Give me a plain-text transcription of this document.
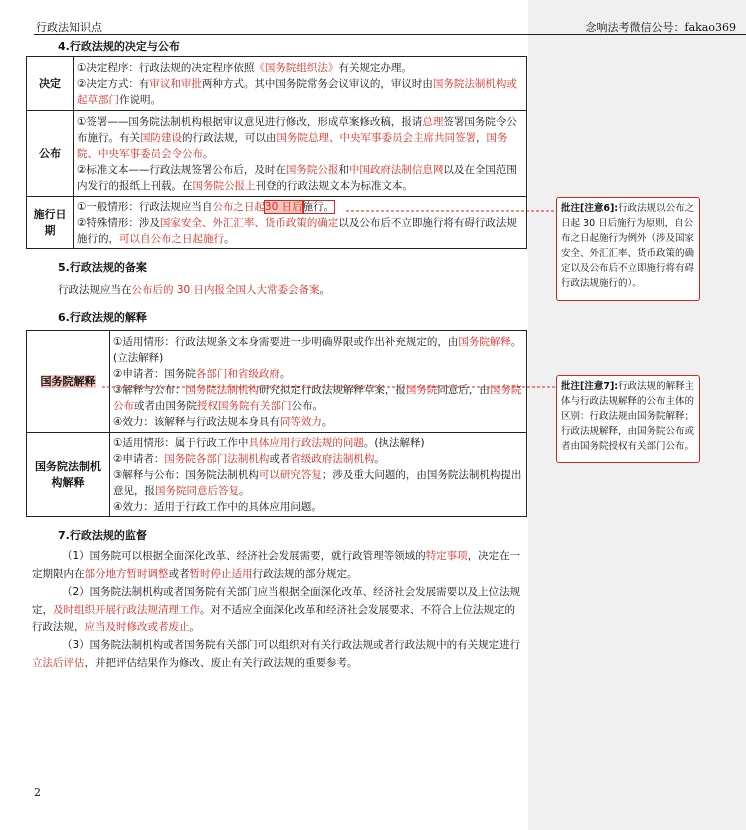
行政法知识点	念响法考微信公号：fakao369
4.行政法规的决定与公布
决定	①决定程序：行政法规的决定程序依照《国务院组织法》有关规定办理。
②决定方式：有审议和审批两种方式。其中国务院常务会议审议的，审议时由国务院法制机构或起草部门作说明。

公布	①签署——国务院法制机构根据审议意见进行修改，形成草案修改稿，报请总理签署国务院令公布施行。有关国防建设的行政法规，可以由国务院总理、中央军事委员会主席共同签署，国务院、中央军事委员会令公布。
②标准文本——行政法规签署公布后，及时在国务院公报和中国政府法制信息网以及在全国范围内发行的报纸上刊载。在国务院公报上刊登的行政法规文本为标准文本。

施行日期	①一般情形：行政法规应当自公布之日起30 日后施行。
②特殊情形：涉及国家安全、外汇汇率、货币政策的确定以及公布后不立即施行将有碍行政法规施行的，可以自公布之日起施行。
5.行政法规的备案
行政法规应当在公布后的 30 日内报全国人大常委会备案。
6.行政法规的解释
国务院解释	①适用情形：行政法规条文本身需要进一步明确界限或作出补充规定的，由国务院解释。(立法解释)
②申请者：国务院各部门和省级政府。
③解释与公布：国务院法制机构研究拟定行政法规解释草案，报国务院同意后，由国务院公布或者由国务院授权国务院有关部门公布。
④效力：该解释与行政法规本身具有同等效力。

国务院法制机构解释	①适用情形：属于行政工作中具体应用行政法规的问题。(执法解释)
②申请者：国务院各部门法制机构或者省级政府法制机构。
③解释与公布：国务院法制机构可以研究答复；涉及重大问题的，由国务院法制机构提出意见，报国务院同意后答复。
④效力：适用于行政工作中的具体应用问题。
7.行政法规的监督
（1）国务院可以根据全面深化改革、经济社会发展需要，就行政管理等领域的特定事项，决定在一定期限内在部分地方暂时调整或者暂时停止适用行政法规的部分规定。
（2）国务院法制机构或者国务院有关部门应当根据全面深化改革、经济社会发展需要以及上位法规定，及时组织开展行政法规清理工作。对不适应全面深化改革和经济社会发展要求、不符合上位法规定的行政法规，应当及时修改或者废止。
（3）国务院法制机构或者国务院有关部门可以组织对有关行政法规或者行政法规中的有关规定进行立法后评估，并把评估结果作为修改、废止有关行政法规的重要参考。
2
批注[注意6]:行政法规以公布之日起 30 日后施行为原则，自公布之日起施行为例外（涉及国家安全、外汇汇率、货币政策的确定以及公布后不立即施行将有碍行政法规施行的）。
批注[注意7]:行政法规的解释主体与行政法规解释的公布主体的区别：行政法规由国务院解释；行政法规解释，由国务院公布或者由国务院授权有关部门公布。
